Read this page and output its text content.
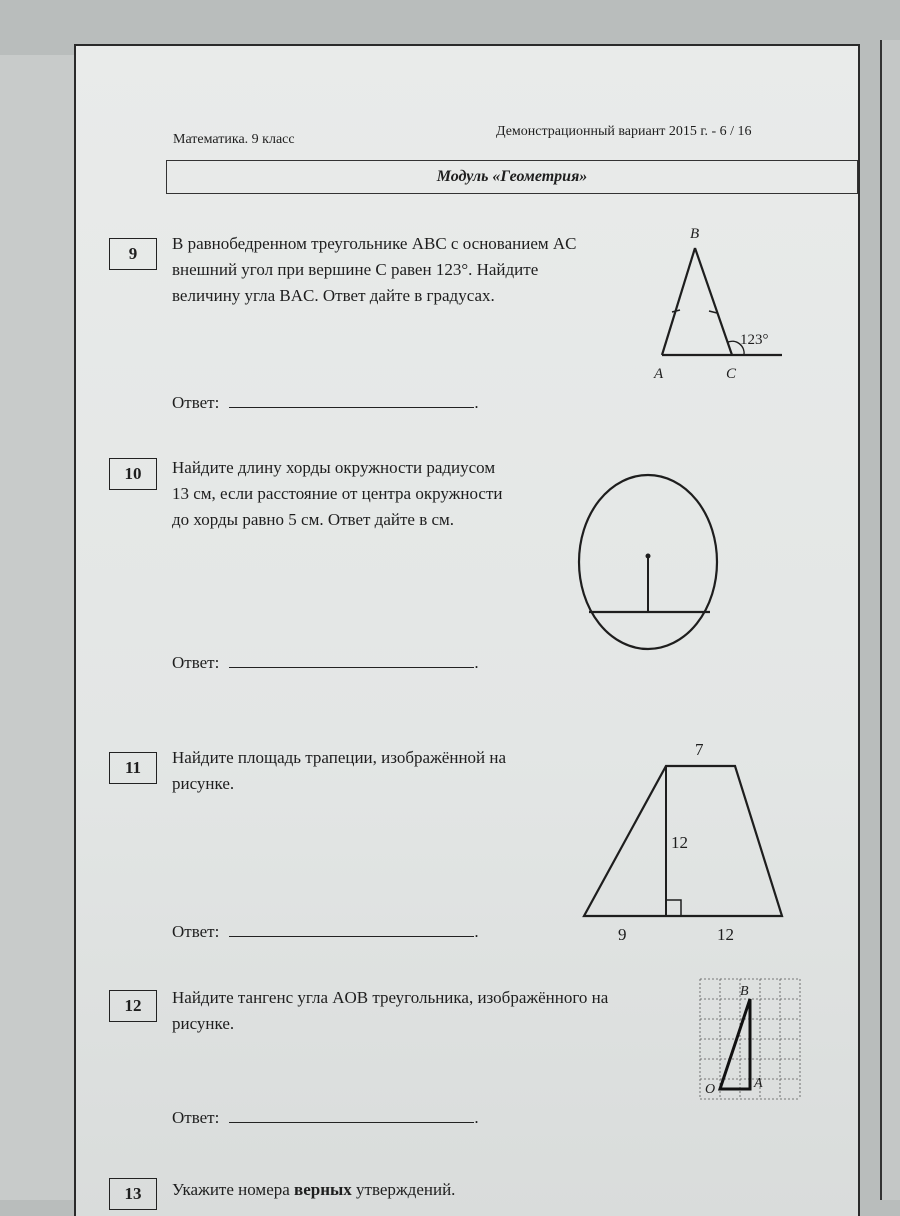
Математика. 9 класс
Демонстрационный вариант 2015 г. - 6 / 16
Модуль «Геометрия»
9
В равнобедренном треугольнике ABC с основанием AC
внешний угол при вершине C равен 123°. Найдите
величину угла BAC. Ответ дайте в градусах.
Ответ:	.
B
A	C
123°
10	Найдите длину хорды окружности радиусом
13 см, если расстояние от центра окружности
до хорды равно 5 см. Ответ дайте в см.
Ответ:	.
11
Найдите площадь трапеции, изображённой на
рисунке.
Ответ:	.
7
12
9	12
12	Найдите тангенс угла AOB треугольника, изображённого на
рисунке.
Ответ:	.
B
O	A
13	Укажите номера верных утверждений.
